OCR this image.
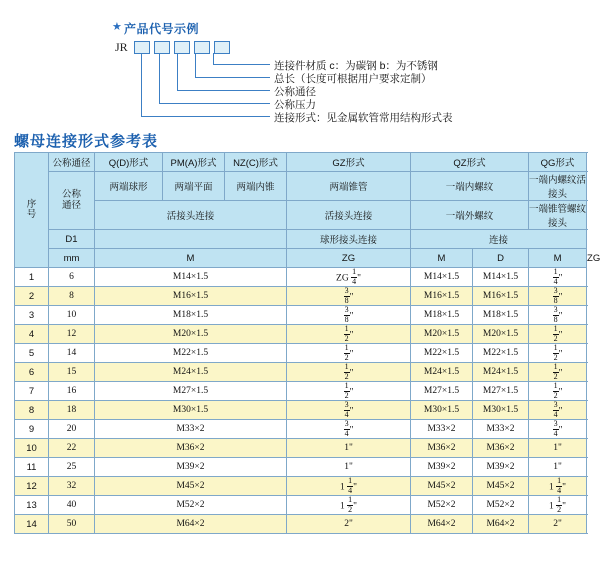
★ 产品代号示例
JR
连接件材质 c：为碳钢 b：为不锈钢
总长（长度可根据用户要求定制）
公称通径
公称压力
连接形式：见金属软管常用结构形式表
螺母连接形式参考表
序
号	公称通径	Q(D)形式	PM(A)形式	NZ(C)形式	GZ形式	QZ形式		QG形式	

	公称
通径	两端球形	两端平面	两端内锥	两端锥管	一端内螺纹		一端内螺纹活接头	
		活接头连接			活接头连接	一端外螺纹		一端锥管螺纹接头	
	D1				球形接头连接	连接			
	mm	M			ZG	M	D	M	ZG
1	6	M14×1.5			ZG $\frac{1}{4}$ "	M14×1.5	M14×1.5	$\frac{1}{4}$ "	
2	8	M16×1.5			$\frac{3}{8}$ "	M16×1.5	M16×1.5	$\frac{3}{8}$ "	
3	10	M18×1.5			$\frac{3}{8}$ "	M18×1.5	M18×1.5	$\frac{3}{8}$ "	
4	12	M20×1.5			$\frac{1}{2}$ "	M20×1.5	M20×1.5	$\frac{1}{2}$ "	
5	14	M22×1.5			$\frac{1}{2}$ "	M22×1.5	M22×1.5	$\frac{1}{2}$ "	
6	15	M24×1.5			$\frac{1}{2}$ "	M24×1.5	M24×1.5	$\frac{1}{2}$ "	
7	16	M27×1.5			$\frac{1}{2}$ "	M27×1.5	M27×1.5	$\frac{1}{2}$ "	
8	18	M30×1.5			$\frac{3}{4}$ "	M30×1.5	M30×1.5	$\frac{3}{4}$ "	
9	20	M33×2			$\frac{3}{4}$ "	M33×2	M33×2	$\frac{3}{4}$ "	
10	22	M36×2			1"	M36×2	M36×2	1"	
11	25	M39×2			1"	M39×2	M39×2	1"	
12	32	M45×2			$1 \frac{1}{4}$ "	M45×2	M45×2	$1 \frac{1}{4}$ "	
13	40	M52×2			$1 \frac{1}{2}$ "	M52×2	M52×2	$1 \frac{1}{2}$ "	
14	50	M64×2			2"	M64×2	M64×2	2"	
